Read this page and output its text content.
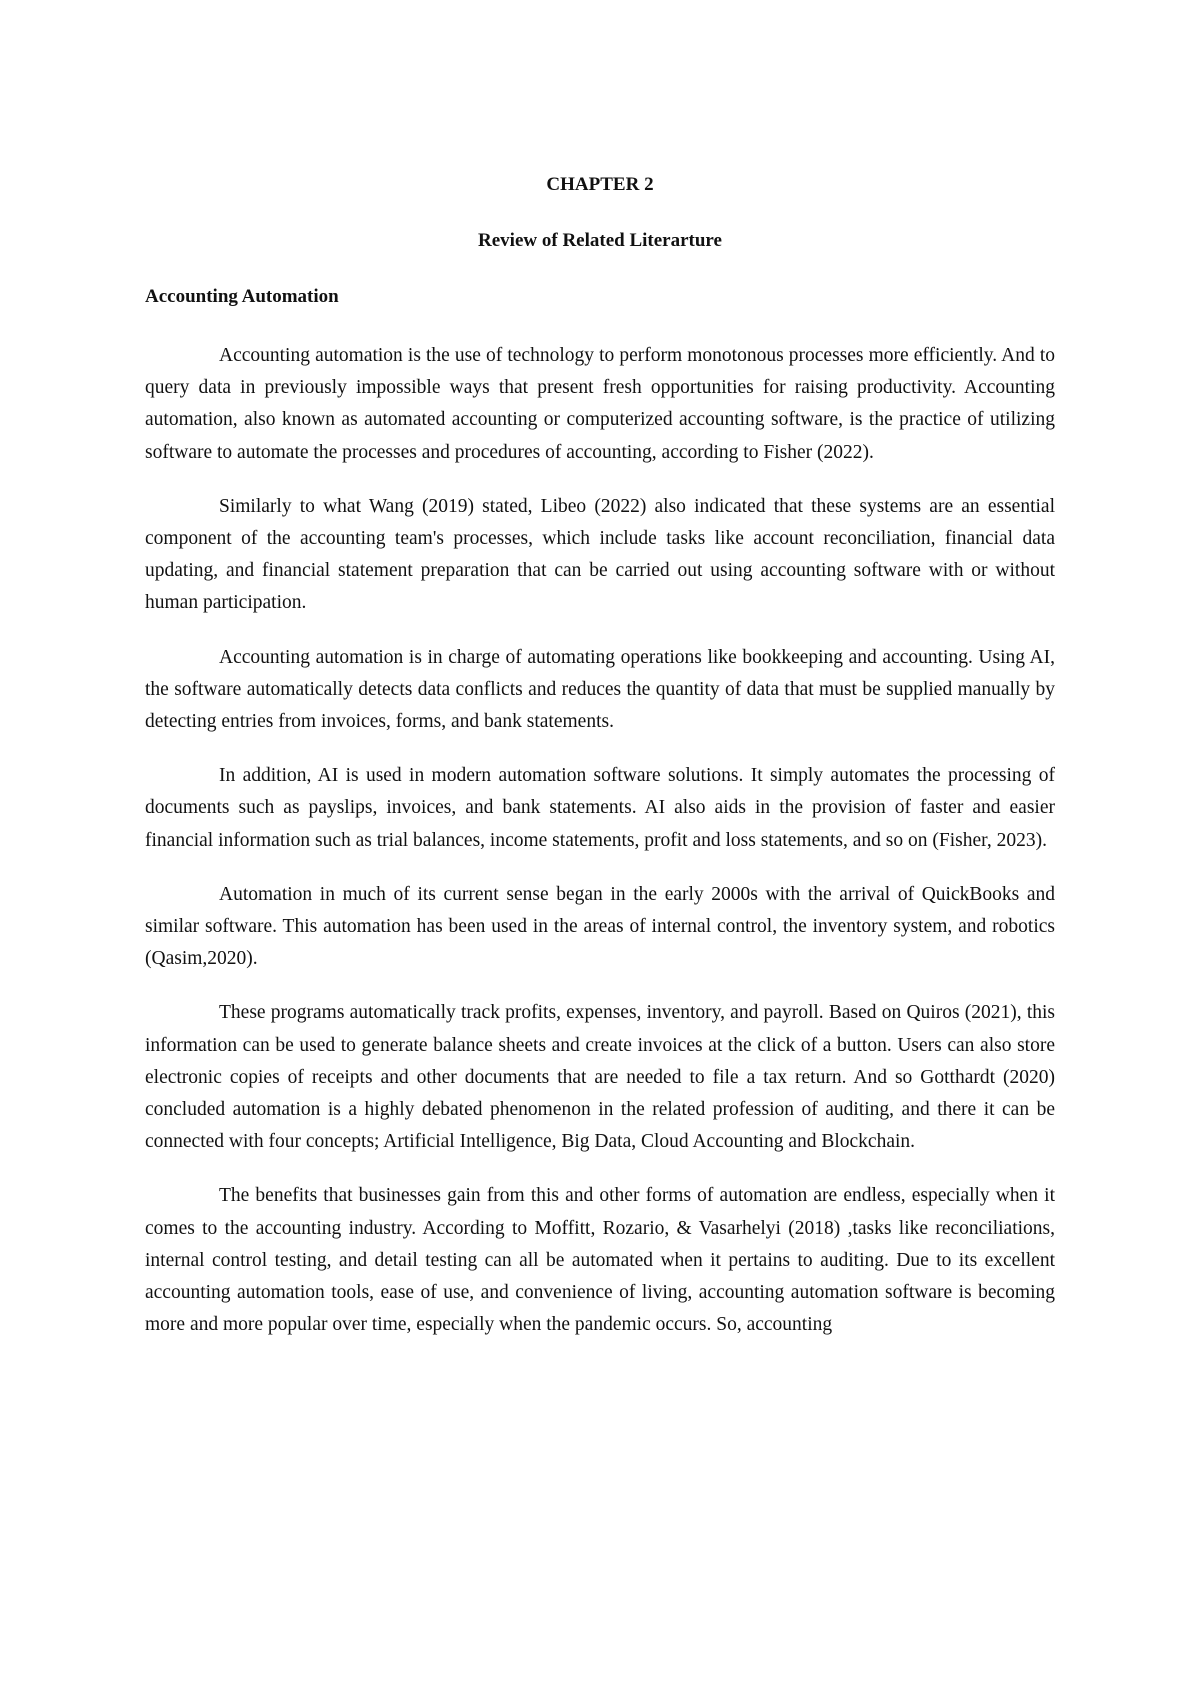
CHAPTER 2
Review of Related Literarture
Accounting Automation

Accounting automation is the use of technology to perform monotonous processes more efficiently. And to query data in previously impossible ways that present fresh opportunities for raising productivity. Accounting automation, also known as automated accounting or computerized accounting software, is the practice of utilizing software to automate the processes and procedures of accounting, according to Fisher (2022).

Similarly to what Wang (2019) stated, Libeo (2022) also indicated that these systems are an essential component of the accounting team's processes, which include tasks like account reconciliation, financial data updating, and financial statement preparation that can be carried out using accounting software with or without human participation.

Accounting automation is in charge of automating operations like bookkeeping and accounting. Using AI, the software automatically detects data conflicts and reduces the quantity of data that must be supplied manually by detecting entries from invoices, forms, and bank statements.

In addition, AI is used in modern automation software solutions. It simply automates the processing of documents such as payslips, invoices, and bank statements. AI also aids in the provision of faster and easier financial information such as trial balances, income statements, profit and loss statements, and so on (Fisher, 2023).

Automation in much of its current sense began in the early 2000s with the arrival of QuickBooks and similar software. This automation has been used in the areas of internal control, the inventory system, and robotics (Qasim,2020).

These programs automatically track profits, expenses, inventory, and payroll. Based on Quiros (2021), this information can be used to generate balance sheets and create invoices at the click of a button. Users can also store electronic copies of receipts and other documents that are needed to file a tax return. And so Gotthardt (2020) concluded automation is a highly debated phenomenon in the related profession of auditing, and there it can be connected with four concepts; Artificial Intelligence, Big Data, Cloud Accounting and Blockchain.

The benefits that businesses gain from this and other forms of automation are endless, especially when it comes to the accounting industry. According to Moffitt, Rozario, & Vasarhelyi (2018) ,tasks like reconciliations, internal control testing, and detail testing can all be automated when it pertains to auditing. Due to its excellent accounting automation tools, ease of use, and convenience of living, accounting automation software is becoming more and more popular over time, especially when the pandemic occurs. So, accounting
